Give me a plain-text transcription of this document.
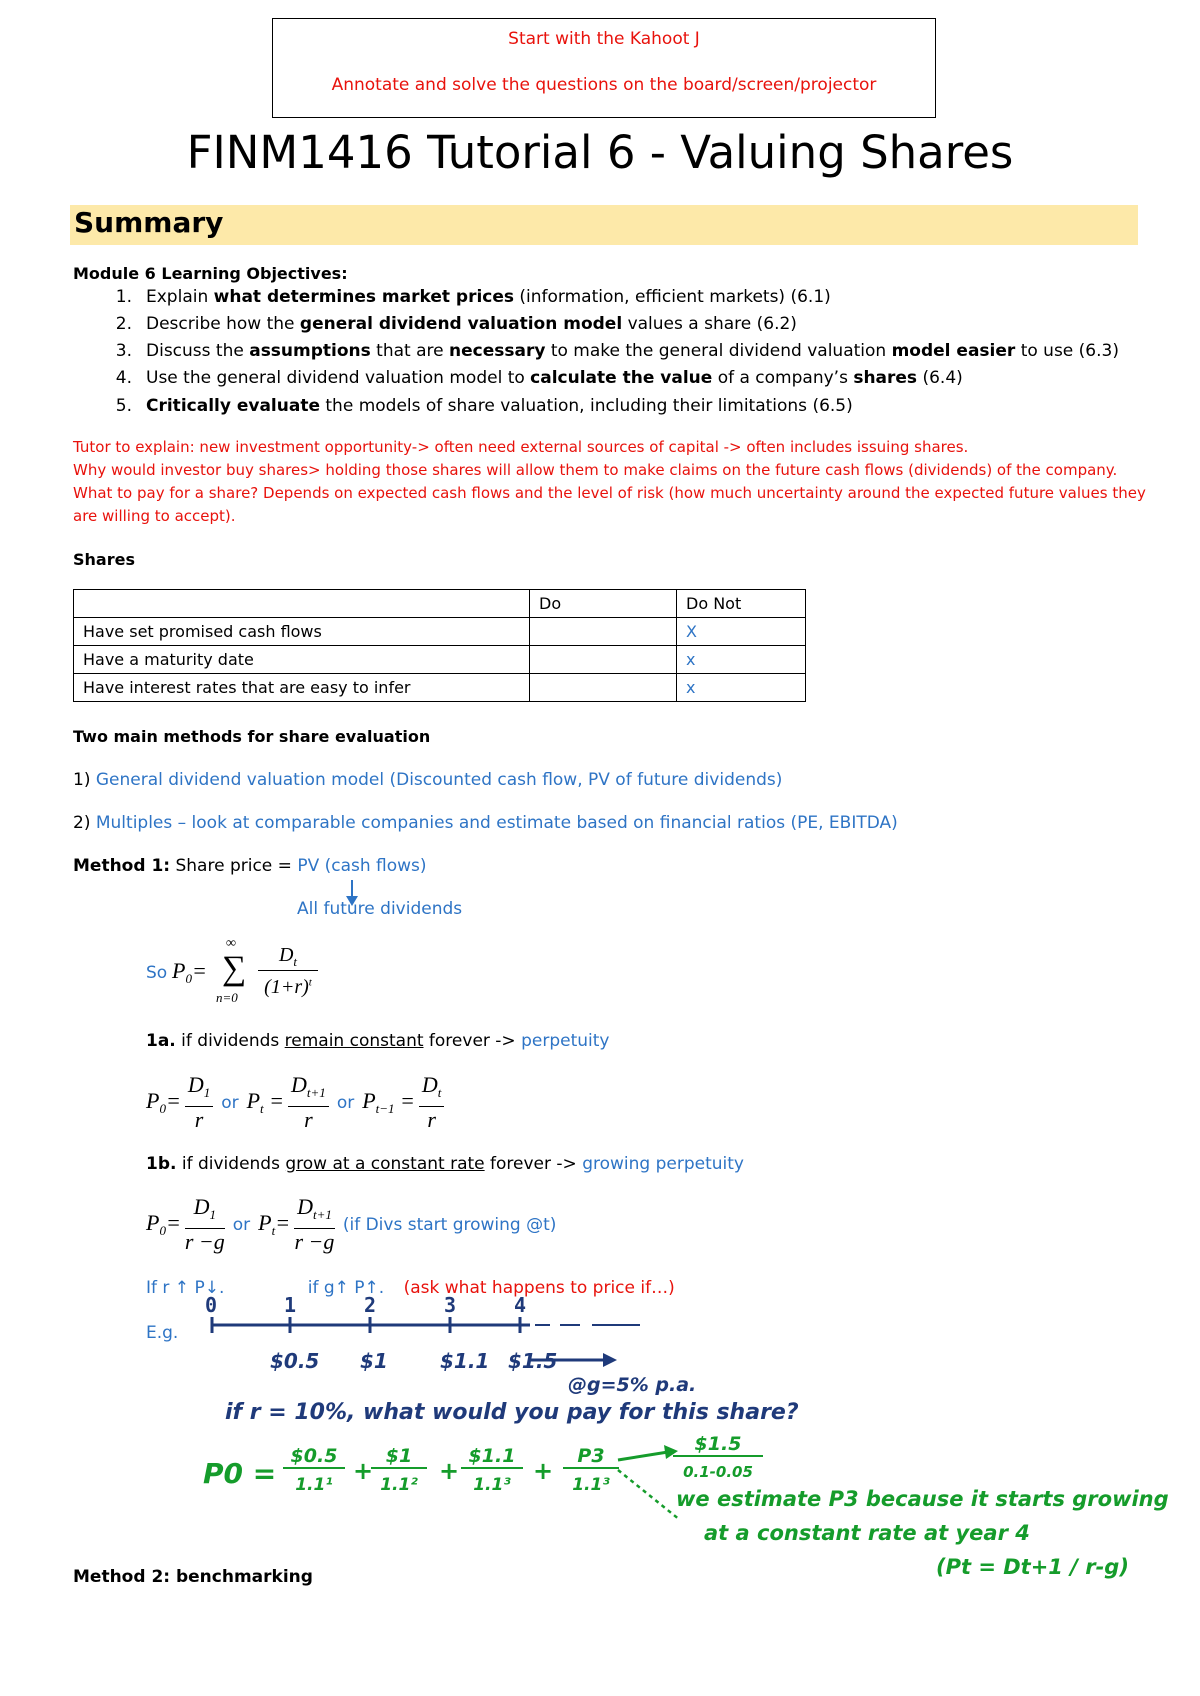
Start with the Kahoot J
Annotate and solve the questions on the board/screen/projector
FINM1416 Tutorial 6 - Valuing Shares
Summary
Module 6 Learning Objectives:
1. Explain what determines market prices (information, efficient markets) (6.1)
2. Describe how the general dividend valuation model values a share (6.2)
3. Discuss the assumptions that are necessary to make the general dividend valuation model easier to use (6.3)
4. Use the general dividend valuation model to calculate the value of a company’s shares (6.4)
5. Critically evaluate the models of share valuation, including their limitations (6.5)
Tutor to explain: new investment opportunity-> often need external sources of capital -> often includes issuing shares.
Why would investor buy shares> holding those shares will allow them to make claims on the future cash flows (dividends) of the company.
What to pay for a share? Depends on expected cash flows and the level of risk (how much uncertainty around the expected future values they
are willing to accept).
Shares
	Do	Do Not
Have set promised cash flows		X
Have a maturity date		x
Have interest rates that are easy to infer		x
Two main methods for share evaluation
1) General dividend valuation model (Discounted cash flow, PV of future dividends)
2) Multiples – look at comparable companies and estimate based on financial ratios (PE, EBITDA)
Method 1: Share price = PV (cash flows)
All future dividends
So $P_0=$ ∑
∞
n=0
$D_t$
$(1+r)^t$
1a. if dividends remain constant forever -> perpetuity
$P_0= \frac{D_1}{r}$ or $P_t = \frac{D_{t+1}}{r}$ or $P_{t-1} = \frac{D_t}{r}$
1b. if dividends grow at a constant rate forever -> growing perpetuity
$P_0= \frac{D_1}{r -g}$ or $P_t= \frac{D_{t+1}}{r -g} (if$ Divs start growing @t)
If r ↑ P↓.	if g↑ P↑. (ask what happens to price if…)
E.g.
0	1	2	3	4
$0.5 $1	$1.1 $1.5
@g=5% p.a.
if r = 10%, what would you pay for this share?
P0 =
$0.5
1.1¹ +
$1
1.1² +
$1.1
1.1³ +
P3
1.1³
$1.5
0.1-0.05
we estimate P3 because it starts growing
at a constant rate at year 4
(Pt = Dt+1 / r-g)
Method 2: benchmarking
